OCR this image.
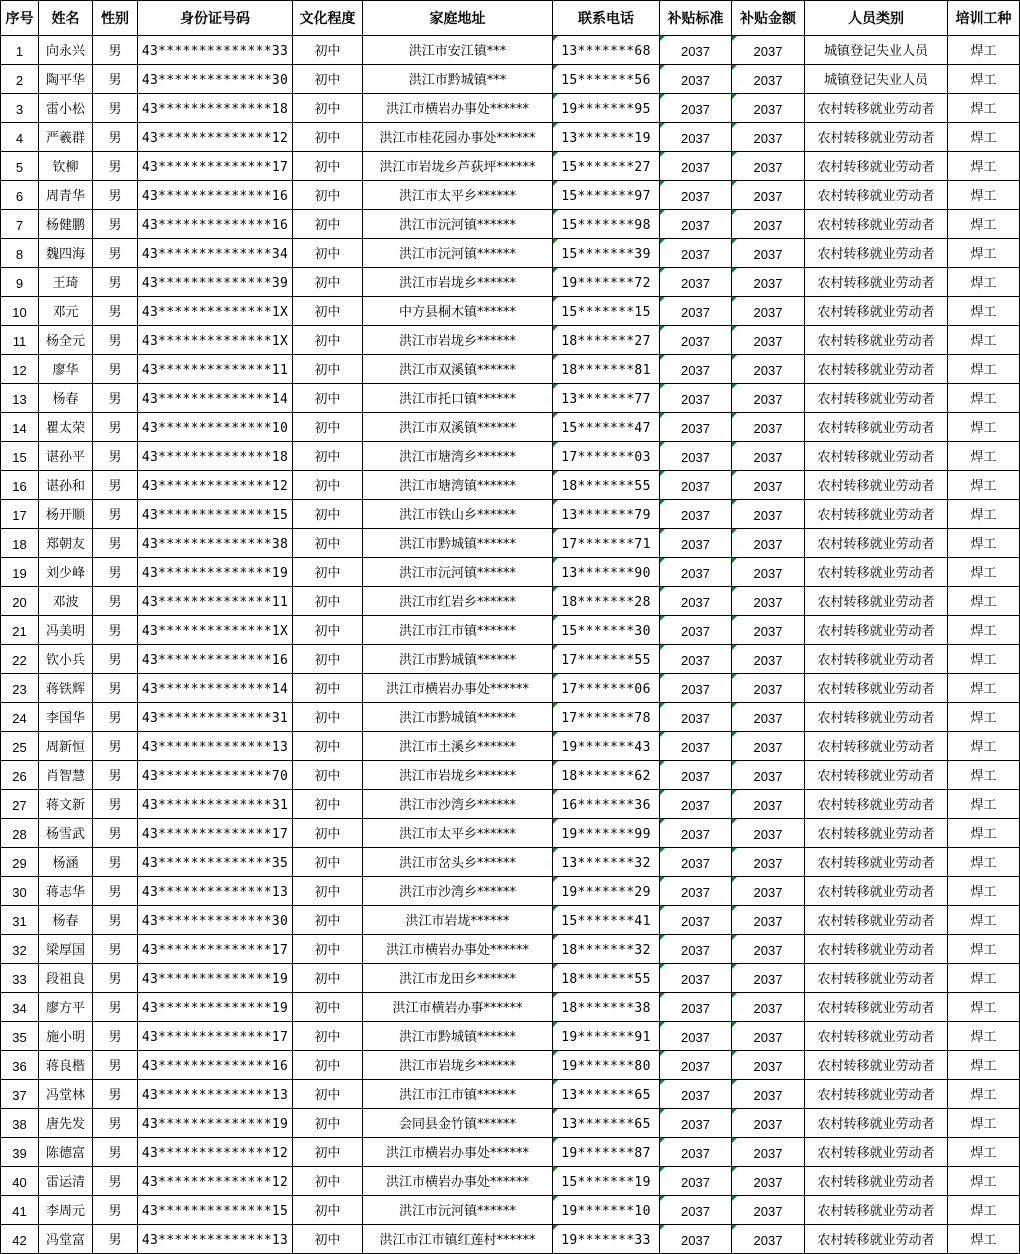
序号	姓名	性别	身份证号码	文化程度	家庭地址	联系电话	补贴标准	补贴金额	人员类别	培训工种
1	向永兴	男	43**************33	初中	洪江市安江镇***	13*******68	2037	2037	城镇登记失业人员	焊工
2	陶平华	男	43**************30	初中	洪江市黔城镇***	15*******56	2037	2037	城镇登记失业人员	焊工
3	雷小松	男	43**************18	初中	洪江市横岩办事处******	19*******95	2037	2037	农村转移就业劳动者	焊工
4	严羲群	男	43**************12	初中	洪江市桂花园办事处******	13*******19	2037	2037	农村转移就业劳动者	焊工
5	钦柳	男	43**************17	初中	洪江市岩垅乡芦荻坪******	15*******27	2037	2037	农村转移就业劳动者	焊工
6	周青华	男	43**************16	初中	洪江市太平乡******	15*******97	2037	2037	农村转移就业劳动者	焊工
7	杨健鹏	男	43**************16	初中	洪江市沅河镇******	15*******98	2037	2037	农村转移就业劳动者	焊工
8	魏四海	男	43**************34	初中	洪江市沅河镇******	15*******39	2037	2037	农村转移就业劳动者	焊工
9	王琦	男	43**************39	初中	洪江市岩垅乡******	19*******72	2037	2037	农村转移就业劳动者	焊工
10	邓元	男	43**************1X	初中	中方县桐木镇******	15*******15	2037	2037	农村转移就业劳动者	焊工
11	杨全元	男	43**************1X	初中	洪江市岩垅乡******	18*******27	2037	2037	农村转移就业劳动者	焊工
12	廖华	男	43**************11	初中	洪江市双溪镇******	18*******81	2037	2037	农村转移就业劳动者	焊工
13	杨春	男	43**************14	初中	洪江市托口镇******	13*******77	2037	2037	农村转移就业劳动者	焊工
14	瞿太荣	男	43**************10	初中	洪江市双溪镇******	15*******47	2037	2037	农村转移就业劳动者	焊工
15	谌孙平	男	43**************18	初中	洪江市塘湾乡******	17*******03	2037	2037	农村转移就业劳动者	焊工
16	谌孙和	男	43**************12	初中	洪江市塘湾镇******	18*******55	2037	2037	农村转移就业劳动者	焊工
17	杨开顺	男	43**************15	初中	洪江市铁山乡******	13*******79	2037	2037	农村转移就业劳动者	焊工
18	郑朝友	男	43**************38	初中	洪江市黔城镇******	17*******71	2037	2037	农村转移就业劳动者	焊工
19	刘少峰	男	43**************19	初中	洪江市沅河镇******	13*******90	2037	2037	农村转移就业劳动者	焊工
20	邓波	男	43**************11	初中	洪江市红岩乡******	18*******28	2037	2037	农村转移就业劳动者	焊工
21	冯美明	男	43**************1X	初中	洪江市江市镇******	15*******30	2037	2037	农村转移就业劳动者	焊工
22	钦小兵	男	43**************16	初中	洪江市黔城镇******	17*******55	2037	2037	农村转移就业劳动者	焊工
23	蒋铁辉	男	43**************14	初中	洪江市横岩办事处******	17*******06	2037	2037	农村转移就业劳动者	焊工
24	李国华	男	43**************31	初中	洪江市黔城镇******	17*******78	2037	2037	农村转移就业劳动者	焊工
25	周新恒	男	43**************13	初中	洪江市土溪乡******	19*******43	2037	2037	农村转移就业劳动者	焊工
26	肖智慧	男	43**************70	初中	洪江市岩垅乡******	18*******62	2037	2037	农村转移就业劳动者	焊工
27	蒋文新	男	43**************31	初中	洪江市沙湾乡******	16*******36	2037	2037	农村转移就业劳动者	焊工
28	杨雪武	男	43**************17	初中	洪江市太平乡******	19*******99	2037	2037	农村转移就业劳动者	焊工
29	杨涵	男	43**************35	初中	洪江市岔头乡******	13*******32	2037	2037	农村转移就业劳动者	焊工
30	蒋志华	男	43**************13	初中	洪江市沙湾乡******	19*******29	2037	2037	农村转移就业劳动者	焊工
31	杨春	男	43**************30	初中	洪江市岩垅******	15*******41	2037	2037	农村转移就业劳动者	焊工
32	梁厚国	男	43**************17	初中	洪江市横岩办事处******	18*******32	2037	2037	农村转移就业劳动者	焊工
33	段祖良	男	43**************19	初中	洪江市龙田乡******	18*******55	2037	2037	农村转移就业劳动者	焊工
34	廖方平	男	43**************19	初中	洪江市横岩办事******	18*******38	2037	2037	农村转移就业劳动者	焊工
35	施小明	男	43**************17	初中	洪江市黔城镇******	19*******91	2037	2037	农村转移就业劳动者	焊工
36	蒋良楷	男	43**************16	初中	洪江市岩垅乡******	19*******80	2037	2037	农村转移就业劳动者	焊工
37	冯堂林	男	43**************13	初中	洪江市江市镇******	13*******65	2037	2037	农村转移就业劳动者	焊工
38	唐先发	男	43**************19	初中	会同县金竹镇******	13*******65	2037	2037	农村转移就业劳动者	焊工
39	陈德富	男	43**************12	初中	洪江市横岩办事处******	19*******87	2037	2037	农村转移就业劳动者	焊工
40	雷运清	男	43**************12	初中	洪江市横岩办事处******	15*******19	2037	2037	农村转移就业劳动者	焊工
41	李周元	男	43**************15	初中	洪江市沅河镇******	19*******10	2037	2037	农村转移就业劳动者	焊工
42	冯堂富	男	43**************13	初中	洪江市江市镇红莲村******	19*******33	2037	2037	农村转移就业劳动者	焊工
